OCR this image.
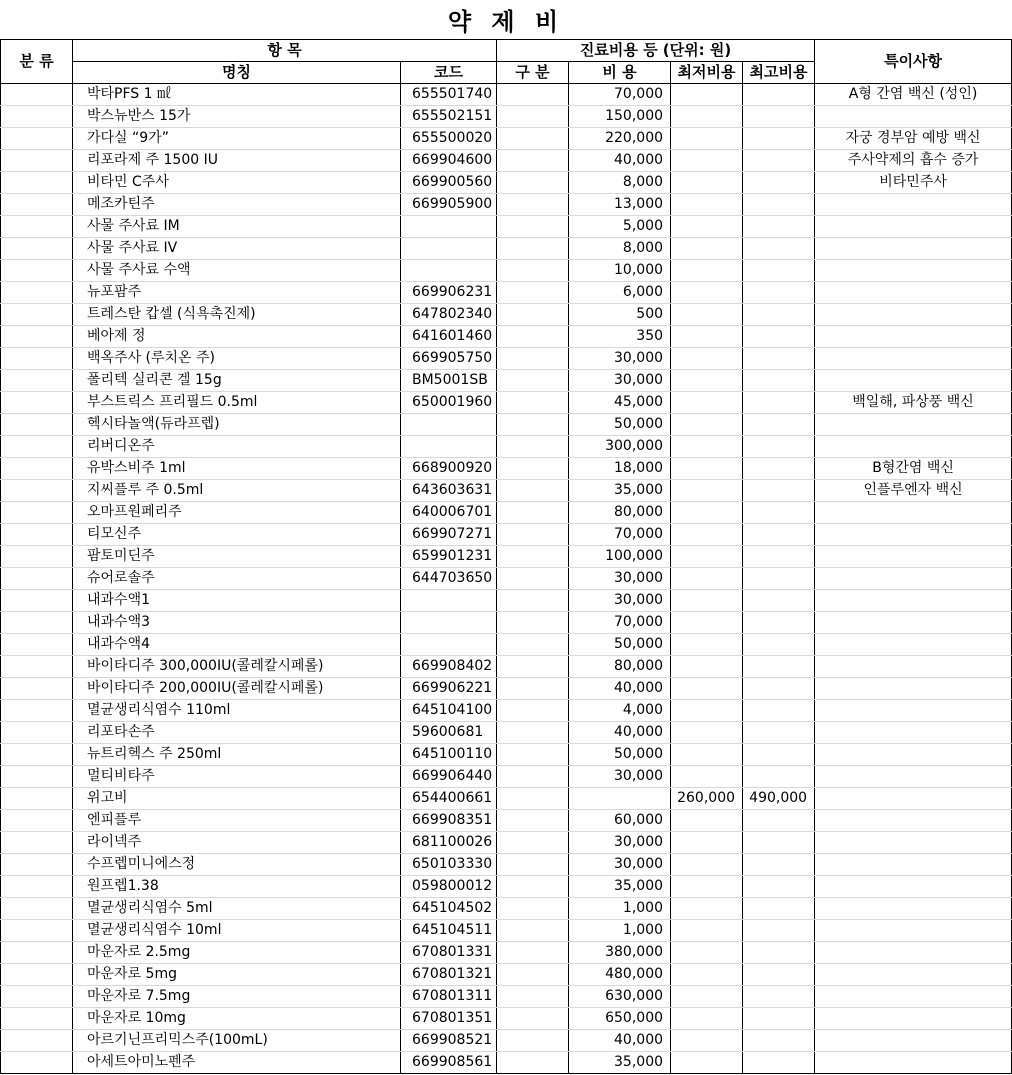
약 제 비
분 류	항 목		진료비용 등 (단위: 원)				특이사항
	명칭	코드	구 분	비 용	최저비용	최고비용	
	박타PFS 1 ㎖	655501740		70,000			A형 간염 백신 (성인)
	박스뉴반스 15가	655502151		150,000			
	가다실 “9가”	655500020		220,000			자궁 경부암 예방 백신
	리포라제 주 1500 IU	669904600		40,000			주사약제의 흡수 증가
	비타민 C주사	669900560		8,000			비타민주사
	메조카틴주	669905900		13,000			
	사물 주사료 IM			5,000			
	사물 주사료 IV			8,000			
	사물 주사료 수액			10,000			
	뉴포팜주	669906231		6,000			
	트레스탄 캅셀 (식욕촉진제)	647802340		500			
	베아제 정	641601460		350			
	백옥주사 (루치온 주)	669905750		30,000			
	폴리텍 실리콘 겔 15g	BM5001SB		30,000			
	부스트릭스 프리필드 0.5ml	650001960		45,000			백일해, 파상풍 백신
	헥시타놀액(듀라프렙)			50,000			
	리버디온주			300,000			
	유박스비주 1ml	668900920		18,000			B형간염 백신
	지씨플루 주 0.5ml	643603631		35,000			인플루엔자 백신
	오마프원페리주	640006701		80,000			
	티모신주	669907271		70,000			
	팜토미딘주	659901231		100,000			
	슈어로솔주	644703650		30,000			
	내과수액1			30,000			
	내과수액3			70,000			
	내과수액4			50,000			
	바이타디주 300,000IU(콜레칼시페롤)	669908402		80,000			
	바이타디주 200,000IU(콜레칼시페롤)	669906221		40,000			
	멸균생리식염수 110ml	645104100		4,000			
	리포타손주	59600681		40,000			
	뉴트리헥스 주 250ml	645100110		50,000			
	멀티비타주	669906440		30,000			
	위고비	654400661			260,000	490,000	
	엔피플루	669908351		60,000			
	라이넥주	681100026		30,000			
	수프렙미니에스정	650103330		30,000			
	원프렙1.38	059800012		35,000			
	멸균생리식염수 5ml	645104502		1,000			
	멸균생리식염수 10ml	645104511		1,000			
	마운자로 2.5mg	670801331		380,000			
	마운자로 5mg	670801321		480,000			
	마운자로 7.5mg	670801311		630,000			
	마운자로 10mg	670801351		650,000			
	아르기닌프리믹스주(100mL)	669908521		40,000			
	아세트아미노펜주	669908561		35,000			
